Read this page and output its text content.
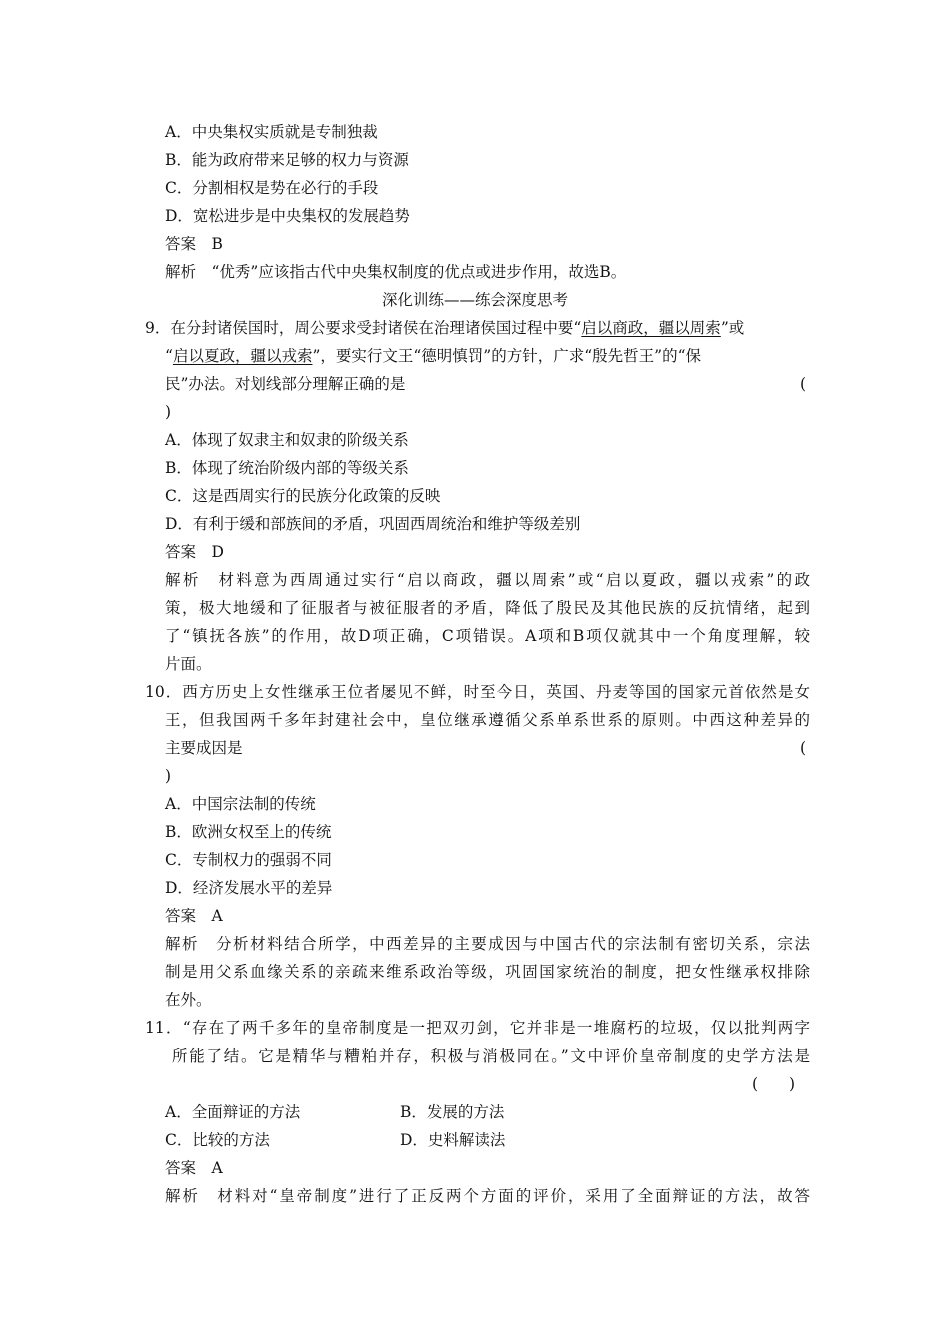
A．中央集权实质就是专制独裁
B．能为政府带来足够的权力与资源
C．分割相权是势在必行的手段
D．宽松进步是中央集权的发展趋势
答案　B
解析　“优秀”应该指古代中央集权制度的优点或进步作用，故选B。
深化训练——练会深度思考
9．在分封诸侯国时，周公要求受封诸侯在治理诸侯国过程中要“启以商政，疆以周索”或
“启以夏政，疆以戎索”，要实行文王“德明慎罚”的方针，广求“殷先哲王”的“保
民”办法。对划线部分理解正确的是	(
)
A．体现了奴隶主和奴隶的阶级关系
B．体现了统治阶级内部的等级关系
C．这是西周实行的民族分化政策的反映
D．有利于缓和部族间的矛盾，巩固西周统治和维护等级差别
答案　D
解析　材料意为西周通过实行“启以商政，疆以周索”或“启以夏政，疆以戎索”的政
策，极大地缓和了征服者与被征服者的矛盾，降低了殷民及其他民族的反抗情绪，起到
了“镇抚各族”的作用，故D项正确，C项错误。A项和B项仅就其中一个角度理解，较
片面。
10．西方历史上女性继承王位者屡见不鲜，时至今日，英国、丹麦等国的国家元首依然是女
王，但我国两千多年封建社会中，皇位继承遵循父系单系世系的原则。中西这种差异的
主要成因是	(
)
A．中国宗法制的传统
B．欧洲女权至上的传统
C．专制权力的强弱不同
D．经济发展水平的差异
答案　A
解析　分析材料结合所学，中西差异的主要成因与中国古代的宗法制有密切关系，宗法
制是用父系血缘关系的亲疏来维系政治等级，巩固国家统治的制度，把女性继承权排除
在外。
11．“存在了两千多年的皇帝制度是一把双刃剑，它并非是一堆腐朽的垃圾，仅以批判两字
所能了结。它是精华与糟粕并存，积极与消极同在。”文中评价皇帝制度的史学方法是
(　　)
A．全面辩证的方法	B．发展的方法
C．比较的方法	D．史料解读法
答案　A
解析　材料对“皇帝制度”进行了正反两个方面的评价，采用了全面辩证的方法，故答
